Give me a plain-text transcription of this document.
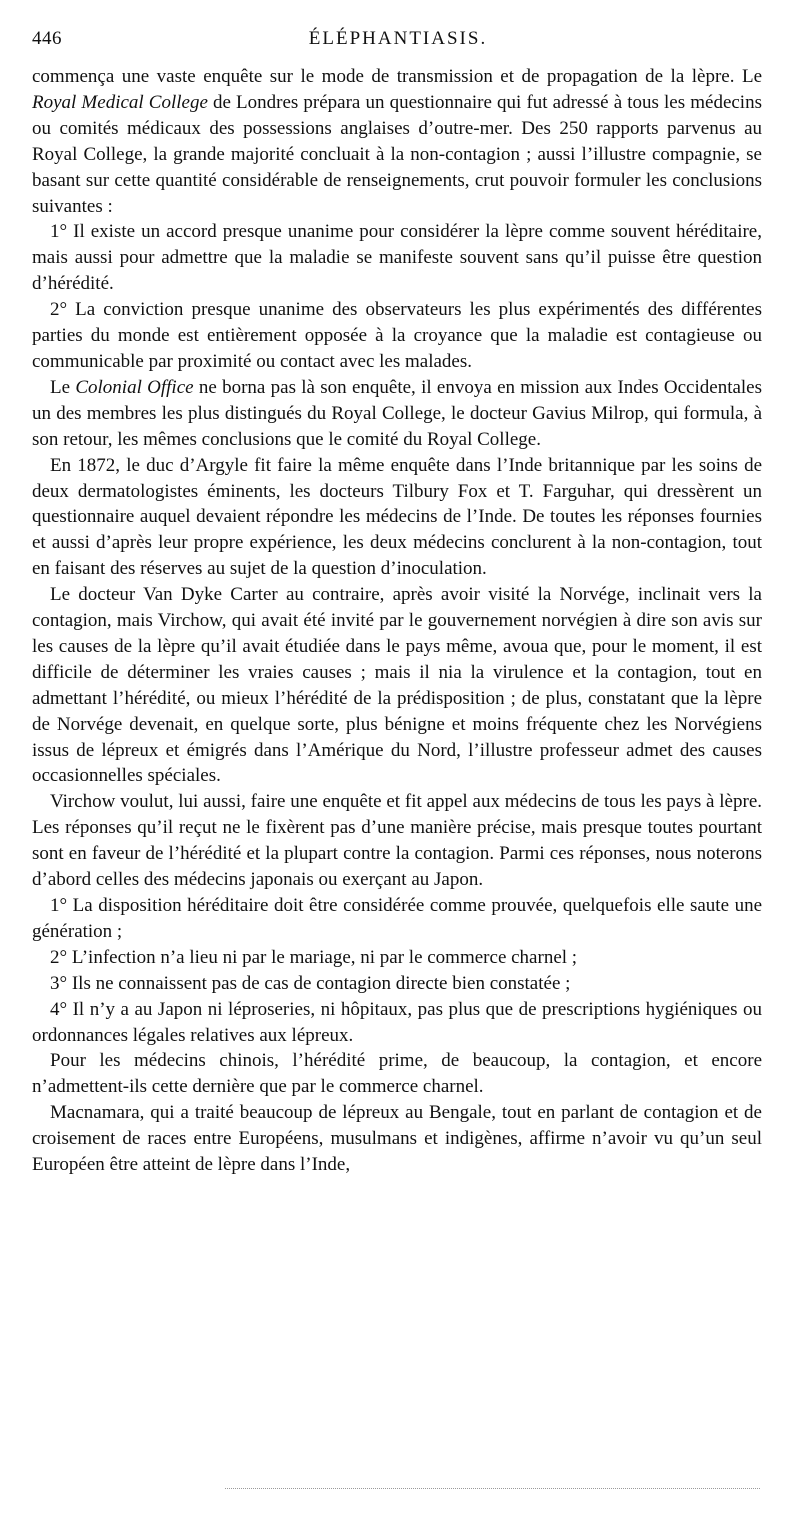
446	ÉLÉPHANTIASIS.

commença une vaste enquête sur le mode de transmission et de propagation de la lèpre. Le Royal Medical College de Londres prépara un questionnaire qui fut adressé à tous les médecins ou comités médicaux des possessions anglaises d’outre-mer. Des 250 rapports parvenus au Royal College, la grande majorité concluait à la non-contagion ; aussi l’illustre compagnie, se basant sur cette quantité considérable de renseignements, crut pouvoir formuler les conclusions suivantes :

1° Il existe un accord presque unanime pour considérer la lèpre comme souvent héréditaire, mais aussi pour admettre que la maladie se manifeste souvent sans qu’il puisse être question d’hérédité.

2° La conviction presque unanime des observateurs les plus expérimentés des différentes parties du monde est entièrement opposée à la croyance que la maladie est contagieuse ou communicable par proximité ou contact avec les malades.

Le Colonial Office ne borna pas là son enquête, il envoya en mission aux Indes Occidentales un des membres les plus distingués du Royal College, le docteur Gavius Milrop, qui formula, à son retour, les mêmes conclusions que le comité du Royal College.

En 1872, le duc d’Argyle fit faire la même enquête dans l’Inde britannique par les soins de deux dermatologistes éminents, les docteurs Tilbury Fox et T. Farguhar, qui dressèrent un questionnaire auquel devaient répondre les médecins de l’Inde. De toutes les réponses fournies et aussi d’après leur propre expérience, les deux médecins conclurent à la non-contagion, tout en faisant des réserves au sujet de la question d’inoculation.

Le docteur Van Dyke Carter au contraire, après avoir visité la Norvége, inclinait vers la contagion, mais Virchow, qui avait été invité par le gouvernement norvégien à dire son avis sur les causes de la lèpre qu’il avait étudiée dans le pays même, avoua que, pour le moment, il est difficile de déterminer les vraies causes ; mais il nia la virulence et la contagion, tout en admettant l’hérédité, ou mieux l’hérédité de la prédisposition ; de plus, constatant que la lèpre de Norvége devenait, en quelque sorte, plus bénigne et moins fréquente chez les Norvégiens issus de lépreux et émigrés dans l’Amérique du Nord, l’illustre professeur admet des causes occasionnelles spéciales.

Virchow voulut, lui aussi, faire une enquête et fit appel aux médecins de tous les pays à lèpre. Les réponses qu’il reçut ne le fixèrent pas d’une manière précise, mais presque toutes pourtant sont en faveur de l’hérédité et la plupart contre la contagion. Parmi ces réponses, nous noterons d’abord celles des médecins japonais ou exerçant au Japon.

1° La disposition héréditaire doit être considérée comme prouvée, quelquefois elle saute une génération ;

2° L’infection n’a lieu ni par le mariage, ni par le commerce charnel ;

3° Ils ne connaissent pas de cas de contagion directe bien constatée ;

4° Il n’y a au Japon ni léproseries, ni hôpitaux, pas plus que de prescriptions hygiéniques ou ordonnances légales relatives aux lépreux.

Pour les médecins chinois, l’hérédité prime, de beaucoup, la contagion, et encore n’admettent-ils cette dernière que par le commerce charnel.

Macnamara, qui a traité beaucoup de lépreux au Bengale, tout en parlant de contagion et de croisement de races entre Européens, musulmans et indigènes, affirme n’avoir vu qu’un seul Européen être atteint de lèpre dans l’Inde,
